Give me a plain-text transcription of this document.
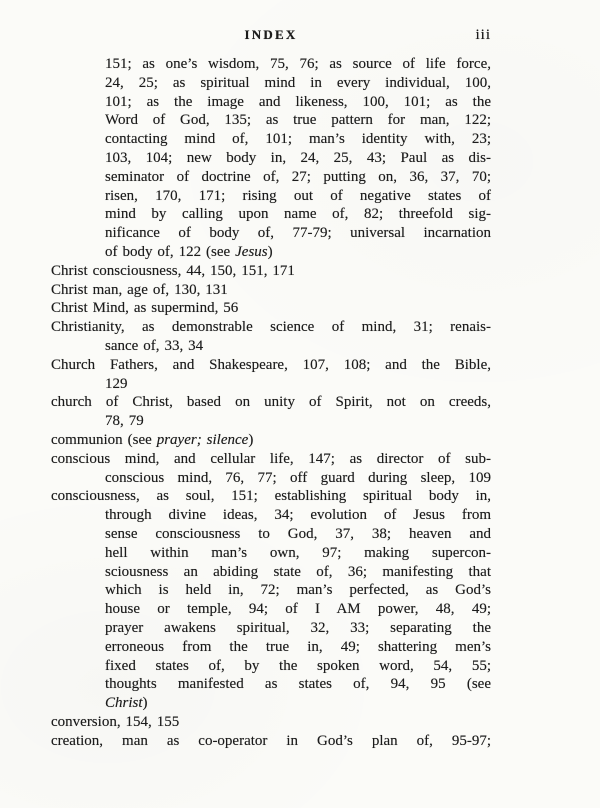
INDEX	iii
151; as one’s wisdom, 75, 76; as source of life force,
24, 25; as spiritual mind in every individual, 100,
101; as the image and likeness, 100, 101; as the
Word of God, 135; as true pattern for man, 122;
contacting mind of, 101; man’s identity with, 23;
103, 104; new body in, 24, 25, 43; Paul as dis-
seminator of doctrine of, 27; putting on, 36, 37, 70;
risen, 170, 171; rising out of negative states of
mind by calling upon name of, 82; threefold sig-
nificance of body of, 77-79; universal incarnation
of body of, 122 (see Jesus)
Christ consciousness, 44, 150, 151, 171
Christ man, age of, 130, 131
Christ Mind, as supermind, 56
Christianity, as demonstrable science of mind, 31; renais-
sance of, 33, 34
Church Fathers, and Shakespeare, 107, 108; and the Bible,
129
church of Christ, based on unity of Spirit, not on creeds,
78, 79
communion (see prayer; silence)
conscious mind, and cellular life, 147; as director of sub-
conscious mind, 76, 77; off guard during sleep, 109
consciousness, as soul, 151; establishing spiritual body in,
through divine ideas, 34; evolution of Jesus from
sense consciousness to God, 37, 38; heaven and
hell within man’s own, 97; making supercon-
sciousness an abiding state of, 36; manifesting that
which is held in, 72; man’s perfected, as God’s
house or temple, 94; of I AM power, 48, 49;
prayer awakens spiritual, 32, 33; separating the
erroneous from the true in, 49; shattering men’s
fixed states of, by the spoken word, 54, 55;
thoughts manifested as states of, 94, 95 (see
Christ)
conversion, 154, 155
creation, man as co-operator in God’s plan of, 95-97;
